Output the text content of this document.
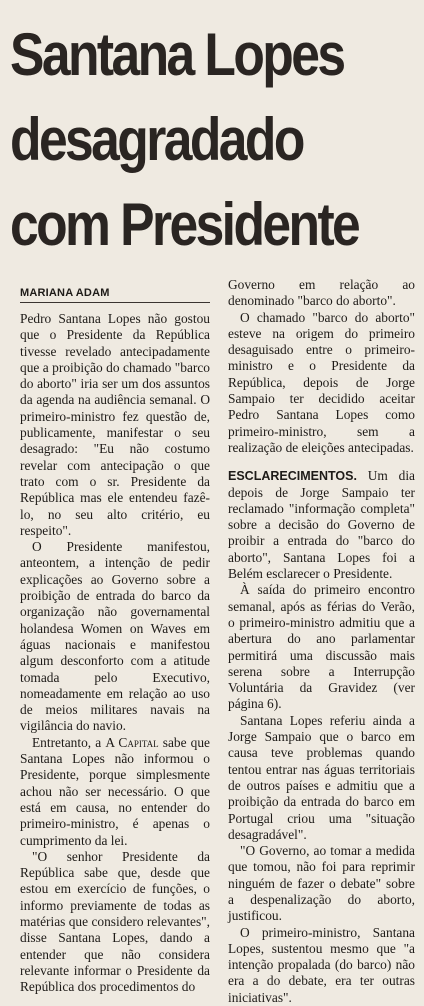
Santana Lopes
desagradado
com Presidente
MARIANA ADAM

Pedro Santana Lopes não gostou que o Presidente da República tivesse revelado antecipadamente que a proibição do chamado "barco do aborto" iria ser um dos assuntos da agenda na audiência semanal. O primeiro-ministro fez questão de, publicamente, manifestar o seu desagrado: "Eu não costumo revelar com antecipação o que trato com o sr. Presidente da República mas ele entendeu fazê-lo, no seu alto critério, eu respeito".

O Presidente manifestou, anteontem, a intenção de pedir explicações ao Governo sobre a proibição de entrada do barco da organização não governamental holandesa Women on Waves em águas nacionais e manifestou algum desconforto com a atitude tomada pelo Executivo, nomeadamente em relação ao uso de meios militares navais na vigilância do navio.

Entretanto, a A Capital sabe que Santana Lopes não informou o Presidente, porque simplesmente achou não ser necessário. O que está em causa, no entender do primeiro-ministro, é apenas o cumprimento da lei.

"O senhor Presidente da República sabe que, desde que estou em exercício de funções, o informo previamente de todas as matérias que considero relevantes", disse Santana Lopes, dando a entender que não considera relevante informar o Presidente da República dos procedimentos do

Governo em relação ao denominado "barco do aborto".

O chamado "barco do aborto" esteve na origem do primeiro desaguisado entre o primeiro-ministro e o Presidente da República, depois de Jorge Sampaio ter decidido aceitar Pedro Santana Lopes como primeiro-ministro, sem a realização de eleições antecipadas.

ESCLARECIMENTOS. Um dia depois de Jorge Sampaio ter reclamado "informação completa" sobre a decisão do Governo de proibir a entrada do "barco do aborto", Santana Lopes foi a Belém esclarecer o Presidente.

À saída do primeiro encontro semanal, após as férias do Verão, o primeiro-ministro admitiu que a abertura do ano parlamentar permitirá uma discussão mais serena sobre a Interrupção Voluntária da Gravidez (ver página 6).

Santana Lopes referiu ainda a Jorge Sampaio que o barco em causa teve problemas quando tentou entrar nas águas territoriais de outros países e admitiu que a proibição da entrada do barco em Portugal criou uma "situação desagradável".

"O Governo, ao tomar a medida que tomou, não foi para reprimir ninguém de fazer o debate" sobre a despenalização do aborto, justificou.

O primeiro-ministro, Santana Lopes, sustentou mesmo que "a intenção propalada (do barco) não era a do debate, era ter outras iniciativas".
